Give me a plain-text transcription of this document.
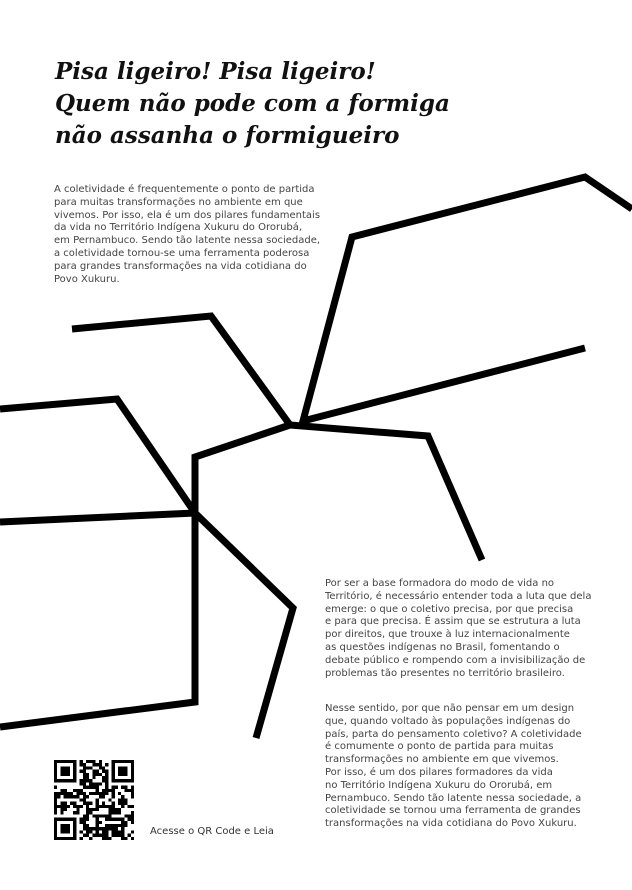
Pisa ligeiro! Pisa ligeiro!
Quem não pode com a formiga
não assanha o formigueiro

A coletividade é frequentemente o ponto de partida
para muitas transformações no ambiente em que
vivemos. Por isso, ela é um dos pilares fundamentais
da vida no Território Indígena Xukuru do Ororubá,
em Pernambuco. Sendo tão latente nessa sociedade,
a coletividade tornou-se uma ferramenta poderosa
para grandes transformações na vida cotidiana do
Povo Xukuru.

Por ser a base formadora do modo de vida no
Território, é necessário entender toda a luta que dela
emerge: o que o coletivo precisa, por que precisa
e para que precisa. É assim que se estrutura a luta
por direitos, que trouxe à luz internacionalmente
as questões indígenas no Brasil, fomentando o
debate público e rompendo com a invisibilização de
problemas tão presentes no território brasileiro.

Nesse sentido, por que não pensar em um design
que, quando voltado às populações indígenas do
país, parta do pensamento coletivo? A coletividade
é comumente o ponto de partida para muitas
transformações no ambiente em que vivemos.
Por isso, é um dos pilares formadores da vida
no Território Indígena Xukuru do Ororubá, em
Pernambuco. Sendo tão latente nessa sociedade, a
coletividade se tornou uma ferramenta de grandes
transformações na vida cotidiana do Povo Xukuru.

Acesse o QR Code e Leia
